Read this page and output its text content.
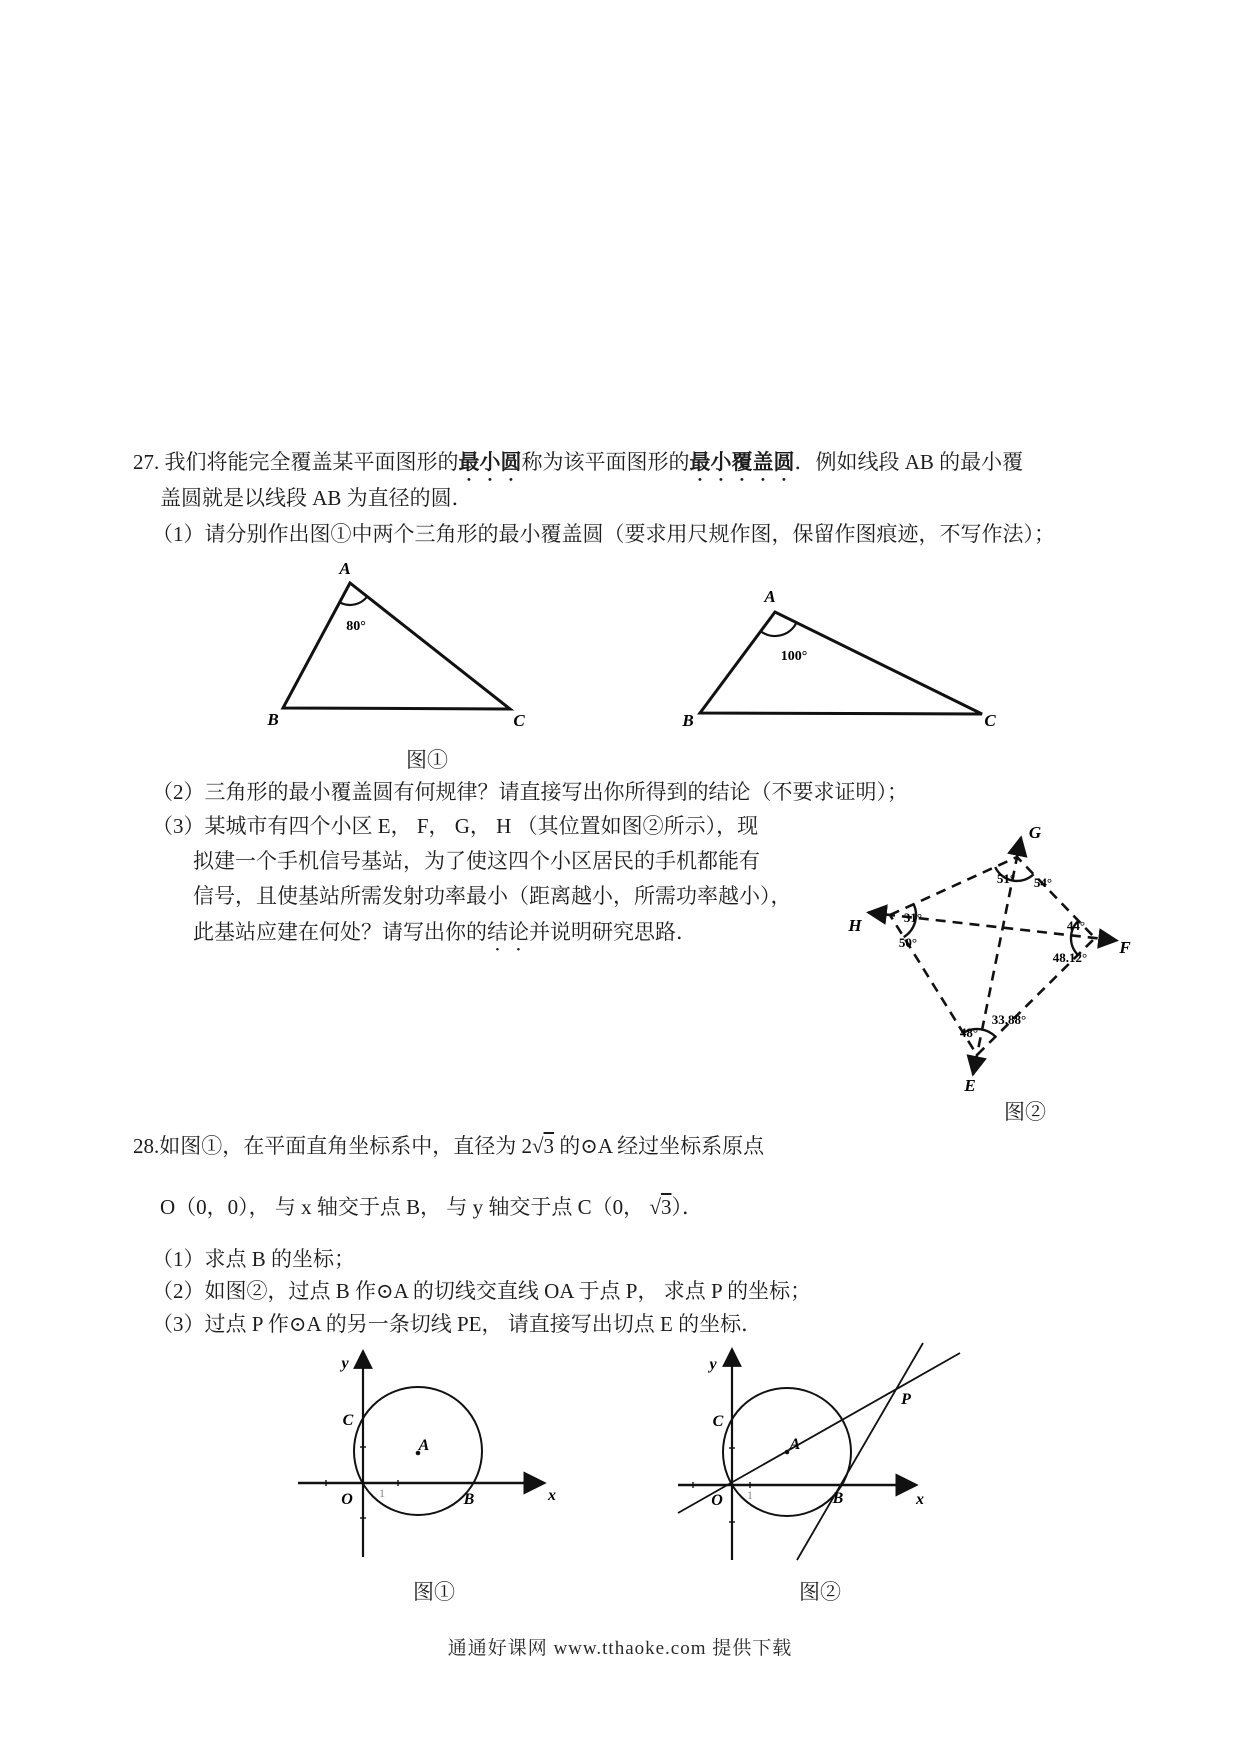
27. 我们将能完全覆盖某平面图形的最小圆称为该平面图形的最小覆盖圆．例如线段 AB 的最小覆
盖圆就是以线段 AB 为直径的圆．
（1）请分别作出图①中两个三角形的最小覆盖圆（要求用尺规作图，保留作图痕迹，不写作法）；
A
80°
B	C
A
100°
B	C
图①
（2）三角形的最小覆盖圆有何规律？请直接写出你所得到的结论（不要求证明）；
（3）某城市有四个小区 E， F， G， H （其位置如图②所示），现
拟建一个手机信号基站，为了使这四个小区居民的手机都能有
信号，且使基站所需发射功率最小（距离越小，所需功率越小），
此基站应建在何处？请写出你的结论并说明研究思路．
G
H
F
E
51° 54°
31°
50°
44°
48.12°
48°
33.88°
图②
28.如图①，在平面直角坐标系中，直径为 2√3 的⊙A 经过坐标系原点
O（0，0）， 与 x 轴交于点 B， 与 y 轴交于点 C（0， √3）．
（1）求点 B 的坐标；
（2）如图②，过点 B 作⊙A 的切线交直线 OA 于点 P， 求点 P 的坐标；
（3）过点 P 作⊙A 的另一条切线 PE， 请直接写出切点 E 的坐标．
y
x
C
A
O 1	B
图①
y
x
C
A
O 1	B
P
图②
通通好课网 www.tthaoke.com 提供下载
